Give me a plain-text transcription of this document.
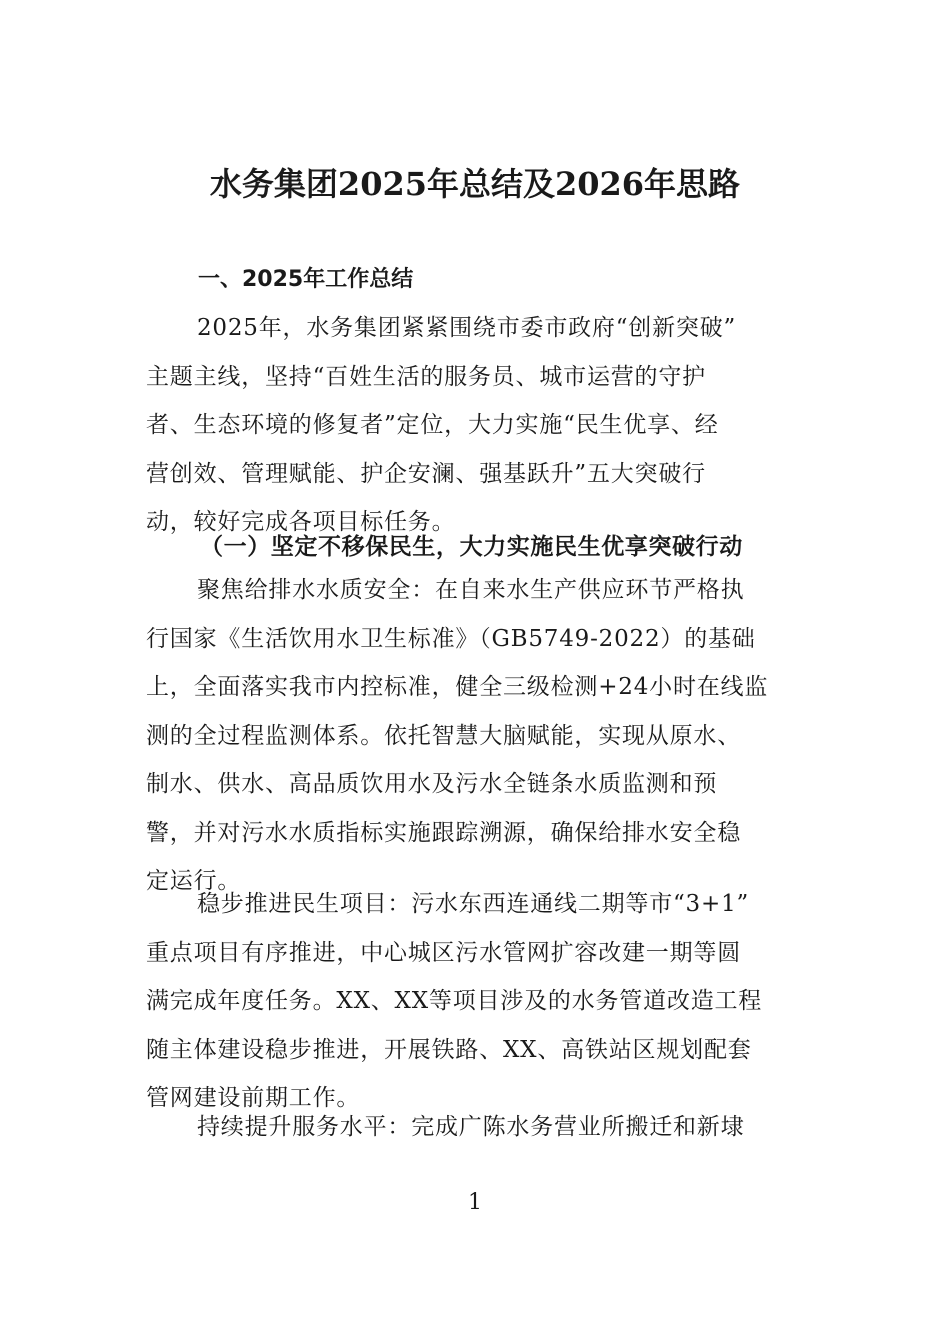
水务集团2025年总结及2026年思路
一、2025年工作总结
2025年，水务集团紧紧围绕市委市政府“创新突破”
主题主线，坚持“百姓生活的服务员、城市运营的守护
者、生态环境的修复者”定位，大力实施“民生优享、经
营创效、管理赋能、护企安澜、强基跃升”五大突破行
动，较好完成各项目标任务。
（一）坚定不移保民生，大力实施民生优享突破行动
聚焦给排水水质安全：在自来水生产供应环节严格执
行国家《生活饮用水卫生标准》（GB5749-2022）的基础
上，全面落实我市内控标准，健全三级检测+24小时在线监
测的全过程监测体系。依托智慧大脑赋能，实现从原水、
制水、供水、高品质饮用水及污水全链条水质监测和预
警，并对污水水质指标实施跟踪溯源，确保给排水安全稳
定运行。
稳步推进民生项目：污水东西连通线二期等市“3+1”
重点项目有序推进，中心城区污水管网扩容改建一期等圆
满完成年度任务。XX、XX等项目涉及的水务管道改造工程
随主体建设稳步推进，开展铁路、XX、高铁站区规划配套
管网建设前期工作。
持续提升服务水平：完成广陈水务营业所搬迁和新埭
1
